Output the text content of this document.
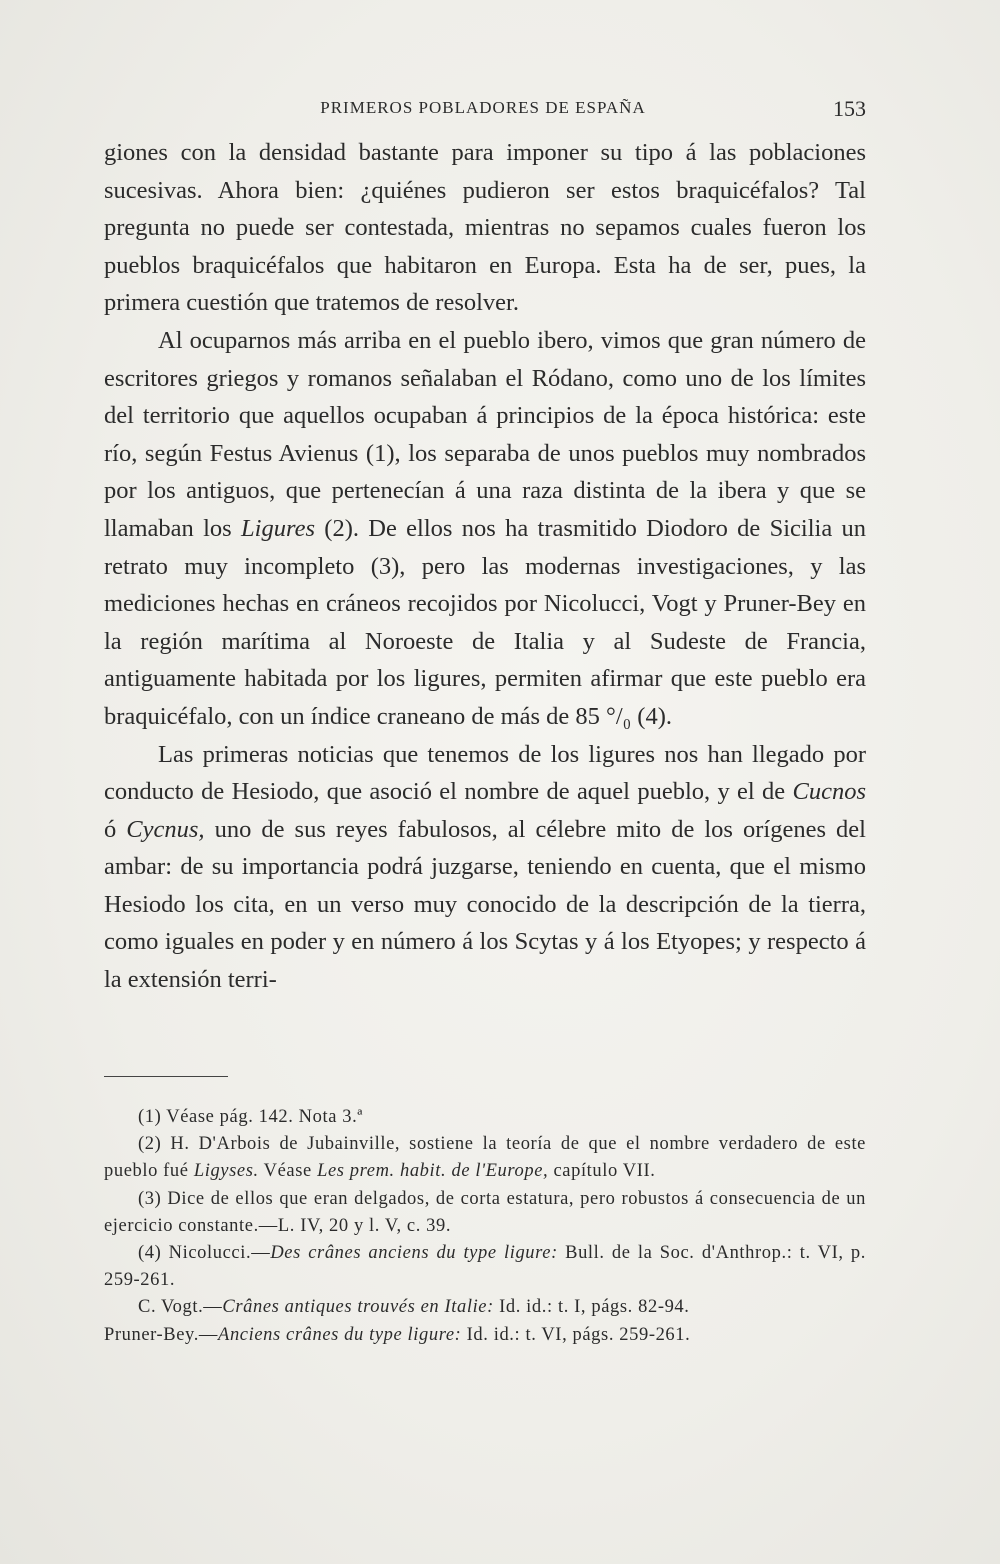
PRIMEROS POBLADORES DE ESPAÑA	153

giones con la densidad bastante para imponer su tipo á las poblaciones sucesivas. Ahora bien: ¿quiénes pudieron ser estos braquicéfalos? Tal pregunta no puede ser contestada, mientras no sepamos cuales fueron los pueblos braquicéfalos que habitaron en Europa. Esta ha de ser, pues, la primera cuestión que tratemos de resolver.

Al ocuparnos más arriba en el pueblo ibero, vimos que gran número de escritores griegos y romanos señalaban el Ródano, como uno de los límites del territorio que aquellos ocupaban á principios de la época histórica: este río, según Festus Avienus (1), los separaba de unos pueblos muy nombrados por los antiguos, que pertenecían á una raza distinta de la ibera y que se llamaban los Ligures (2). De ellos nos ha trasmitido Diodoro de Sicilia un retrato muy incompleto (3), pero las modernas investigaciones, y las mediciones hechas en cráneos recojidos por Nicolucci, Vogt y Pruner-Bey en la región marítima al Noroeste de Italia y al Sudeste de Francia, antiguamente habitada por los ligures, permiten afirmar que este pueblo era braquicéfalo, con un índice craneano de más de 85 °/₀ (4).

Las primeras noticias que tenemos de los ligures nos han llegado por conducto de Hesiodo, que asoció el nombre de aquel pueblo, y el de Cucnos ó Cycnus, uno de sus reyes fabulosos, al célebre mito de los orígenes del ambar: de su importancia podrá juzgarse, teniendo en cuenta, que el mismo Hesiodo los cita, en un verso muy conocido de la descripción de la tierra, como iguales en poder y en número á los Scytas y á los Etyopes; y respecto á la extensión terri-

(1) Véase pág. 142. Nota 3.ª

(2) H. D'Arbois de Jubainville, sostiene la teoría de que el nombre verdadero de este pueblo fué Ligyses. Véase Les prem. habit. de l'Europe, capítulo VII.

(3) Dice de ellos que eran delgados, de corta estatura, pero robustos á consecuencia de un ejercicio constante.—L. IV, 20 y l. V, c. 39.

(4) Nicolucci.—Des crânes anciens du type ligure: Bull. de la Soc. d'Anthrop.: t. VI, p. 259-261.

C. Vogt.—Crânes antiques trouvés en Italie: Id. id.: t. I, págs. 82-94.

Pruner-Bey.—Anciens crânes du type ligure: Id. id.: t. VI, págs. 259-261.
